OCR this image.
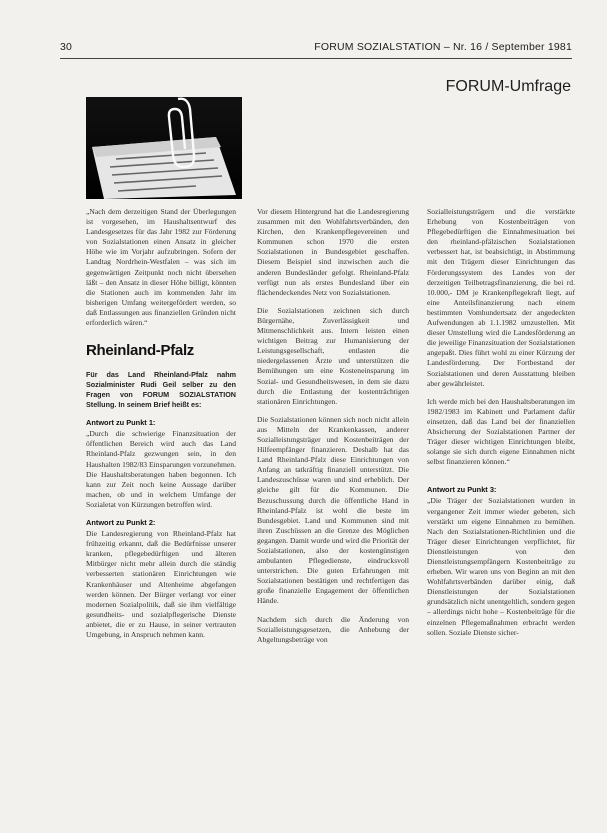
30	FORUM SOZIALSTATION – Nr. 16 / September 1981
FORUM-Umfrage

„Nach dem derzeitigen Stand der Überlegungen ist vorgesehen, im Haushaltsentwurf des Landesgesetzes für das Jahr 1982 zur Förderung von Sozialstationen einen Ansatz in gleicher Höhe wie im Vorjahr aufzubringen. Sofern der Landtag Nordrhein-Westfalen – was sich im gegenwärtigen Zeitpunkt noch nicht übersehen läßt – den Ansatz in dieser Höhe billigt, könnten die Stationen auch im kommenden Jahr im bisherigen Umfang weitergefördert werden, so daß Entlassungen aus finanziellen Gründen nicht erforderlich wären.“

Rheinland-Pfalz
Für das Land Rheinland-Pfalz nahm Sozialminister Rudi Geil selber zu den Fragen von FORUM SOZIALSTATION Stellung. In seinem Brief heißt es:
Antwort zu Punkt 1:

„Durch die schwierige Finanzsituation der öffentlichen Bereich wird auch das Land Rheinland-Pfalz gezwungen sein, in den Haushalten 1982/83 Einsparungen vorzunehmen. Die Haushaltsberatungen haben begonnen. Ich kann zur Zeit noch keine Aussage darüber machen, ob und in welchem Umfange der Sozialetat von Kürzungen betroffen wird.

Antwort zu Punkt 2:

Die Landesregierung von Rheinland-Pfalz hat frühzeitig erkannt, daß die Bedürfnisse unserer kranken, pflegebedürftigen und älteren Mitbürger nicht mehr allein durch die ständig verbesserten stationären Einrichtungen wie Krankenhäuser und Altenheime abgefangen werden können. Der Bürger verlangt vor einer modernen Sozialpolitik, daß sie ihm vielfältige gesundheits- und sozialpflegerische Dienste anbietet, die er zu Hause, in seiner vertrauten Umgebung, in Anspruch nehmen kann.

Vor diesem Hintergrund hat die Landesregierung zusammen mit den Wohlfahrtsverbänden, den Kirchen, den Krankenpflegevereinen und Kommunen schon 1970 die ersten Sozialstationen in Bundesgebiet geschaffen. Diesem Beispiel sind inzwischen auch die anderen Bundesländer gefolgt. Rheinland-Pfalz verfügt nun als erstes Bundesland über ein flächendeckendes Netz von Sozialstationen.

Die Sozialstationen zeichnen sich durch Bürgernähe, Zuverlässigkeit und Mitmenschlichkeit aus. Intern leisten einen wichtigen Beitrag zur Humanisierung der Leistungsgesellschaft, entlasten die niedergelassenen Ärzte und unterstützen die Bemühungen um eine Kosteneinsparung im Sozial- und Gesundheitswesen, in dem sie dazu durch die Entlastung der kostenträchtigen stationären Einrichtungen.

Die Sozialstationen können sich noch nicht allein aus Mitteln der Krankenkassen, anderer Sozialleistungsträger und Kostenbeiträgen der Hilfeempfänger finanzieren. Deshalb hat das Land Rheinland-Pfalz diese Einrichtungen von Anfang an tatkräftig finanziell unterstützt. Die Landeszuschüsse waren und sind erheblich. Der gleiche gilt für die Kommunen. Die Bezuschussung durch die öffentliche Hand in Rheinland-Pfalz ist wohl die beste im Bundesgebiet. Land und Kommunen sind mit ihren Zuschüssen an die Grenze des Möglichen gegangen. Damit wurde und wird die Priorität der Sozialstationen, also der kostengünstigen ambulanten Pflegedienste, eindrucksvoll unterstrichen. Die guten Erfahrungen mit Sozialstationen bestätigen und rechtfertigen das große finanzielle Engagement der öffentlichen Hände.

Nachdem sich durch die Änderung von Sozialleistungsgesetzen, die Anhebung der Abgeltungsbeträge von

Sozialleistungsträgern und die verstärkte Erhebung von Kostenbeiträgen von Pflegebedürftigen die Einnahmesituation bei den rheinland-pfälzischen Sozialstationen verbessert hat, ist beabsichtigt, in Abstimmung mit den Trägern dieser Einrichtungen das Förderungssystem des Landes von der derzeitigen Teilbetragsfinanzierung, die bei rd. 10.000,- DM je Krankenpflegekraft liegt, auf eine Anteilsfinanzierung nach einem bestimmten Vomhundertsatz der angedeckten Aufwendungen ab 1.1.1982 umzustellen. Mit dieser Umstellung wird die Landesförderung an die jeweilige Finanzsituation der Sozialstationen angepaßt. Dies führt wohl zu einer Kürzung der Landesförderung. Der Fortbestand der Sozialstationen und deren Ausstattung bleiben aber gewährleistet.

Ich werde mich bei den Haushaltsberatungen im 1982/1983 im Kabinett und Parlament dafür einsetzen, daß das Land bei der finanziellen Absicherung der Sozialstationen Partner der Träger dieser wichtigen Einrichtungen bleibt, solange sie sich durch eigene Einnahmen nicht selbst finanzieren können.“

Antwort zu Punkt 3:

„Die Träger der Sozialstationen wurden in vergangener Zeit immer wieder gebeten, sich verstärkt um eigene Einnahmen zu bemühen. Nach den Sozialstationen-Richtlinien und die Träger dieser Einrichtungen verpflichtet, für Dienstleistungen von den Dienstleistungsempfängern Kostenbeiträge zu erheben. Wir waren uns von Beginn an mit den Wohlfahrtsverbänden darüber einig, daß Dienstleistungen der Sozialstationen grundsätzlich nicht unentgeltlich, sondern gegen – allerdings nicht hohe – Kostenbeiträge für die einzelnen Pflegemaßnahmen erbracht werden sollen. Soziale Dienste sicher-
